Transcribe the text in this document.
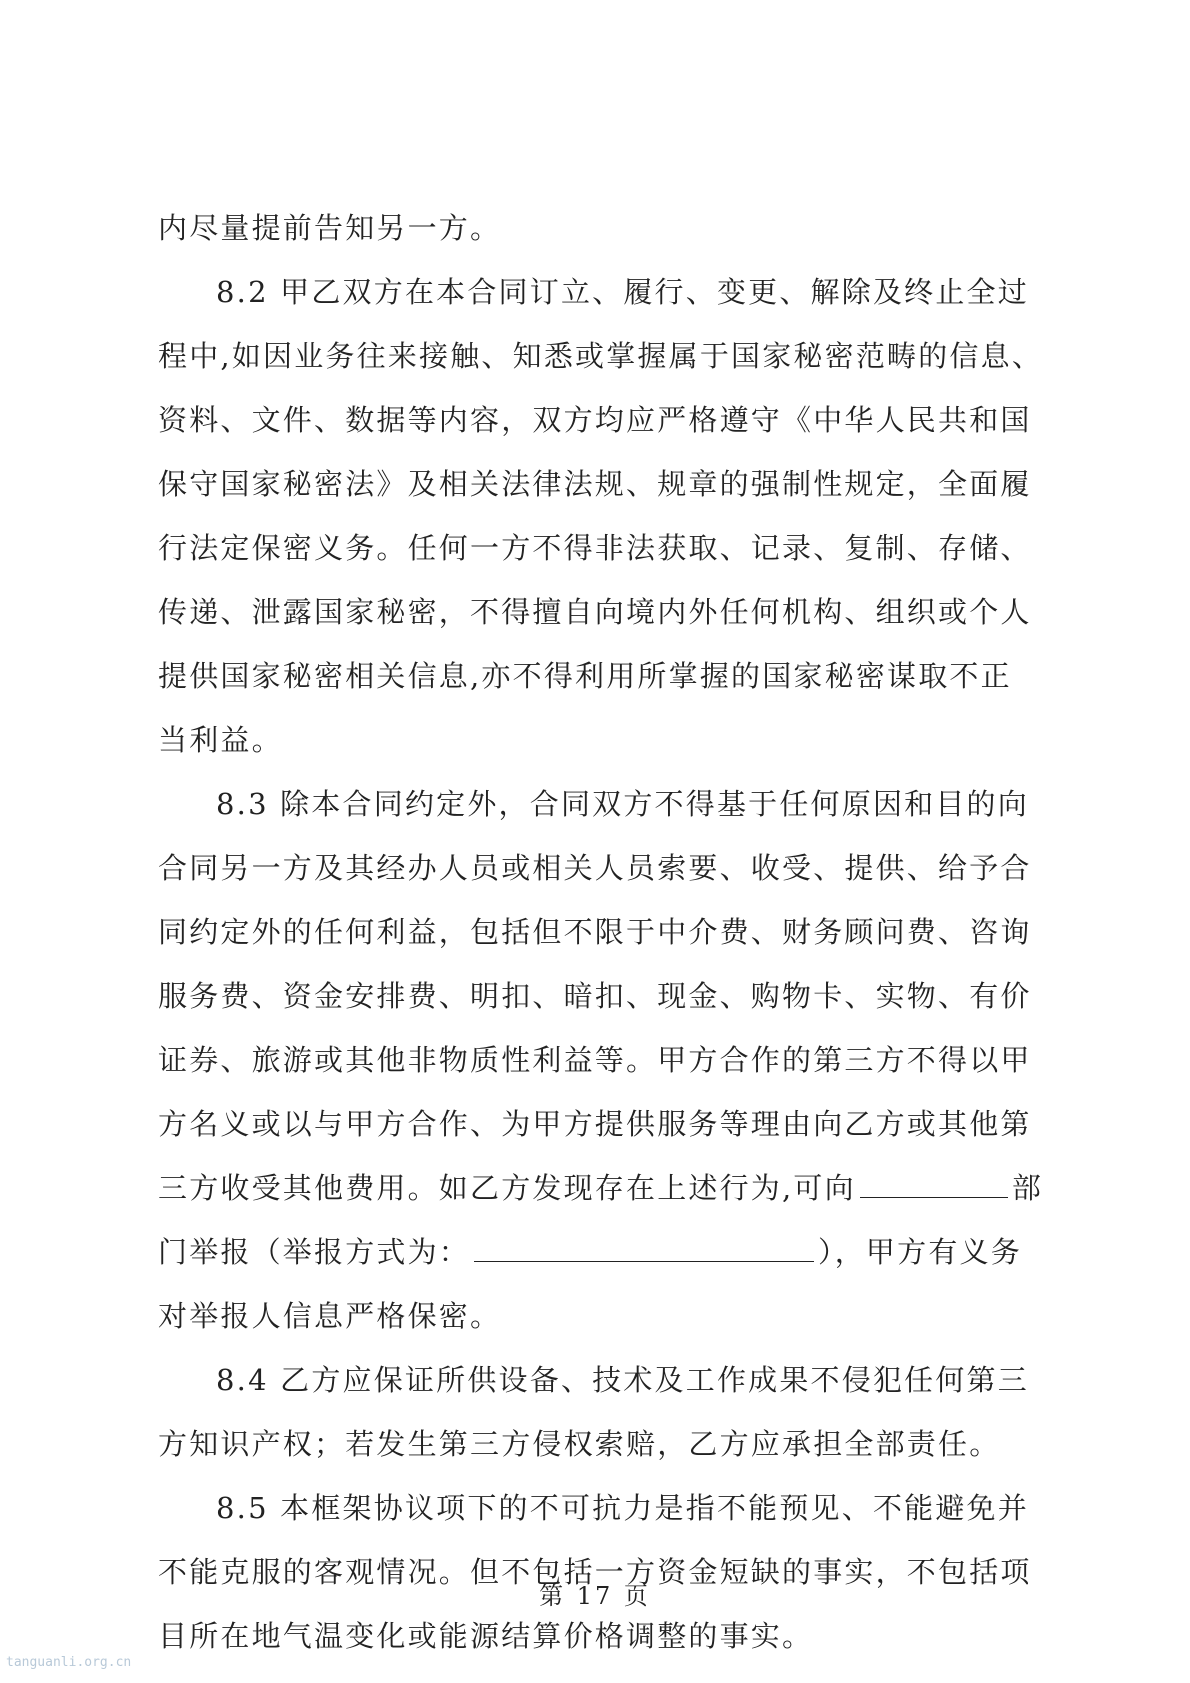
内尽量提前告知另一方。
8.2 甲乙双方在本合同订立、履行、变更、解除及终止全过
程中,如因业务往来接触、知悉或掌握属于国家秘密范畴的信息、
资料、文件、数据等内容，双方均应严格遵守《中华人民共和国
保守国家秘密法》及相关法律法规、规章的强制性规定，全面履
行法定保密义务。任何一方不得非法获取、记录、复制、存储、
传递、泄露国家秘密，不得擅自向境内外任何机构、组织或个人
提供国家秘密相关信息,亦不得利用所掌握的国家秘密谋取不正
当利益。
8.3 除本合同约定外，合同双方不得基于任何原因和目的向
合同另一方及其经办人员或相关人员索要、收受、提供、给予合
同约定外的任何利益，包括但不限于中介费、财务顾问费、咨询
服务费、资金安排费、明扣、暗扣、现金、购物卡、实物、有价
证券、旅游或其他非物质性利益等。甲方合作的第三方不得以甲
方名义或以与甲方合作、为甲方提供服务等理由向乙方或其他第
三方收受其他费用。如乙方发现存在上述行为,可向	部
门举报（举报方式为：	），甲方有义务
对举报人信息严格保密。
8.4 乙方应保证所供设备、技术及工作成果不侵犯任何第三
方知识产权；若发生第三方侵权索赔，乙方应承担全部责任。
8.5 本框架协议项下的不可抗力是指不能预见、不能避免并
不能克服的客观情况。但不包括一方资金短缺的事实，不包括项
目所在地气温变化或能源结算价格调整的事实。
第 17 页
tanguanli.org.cn
